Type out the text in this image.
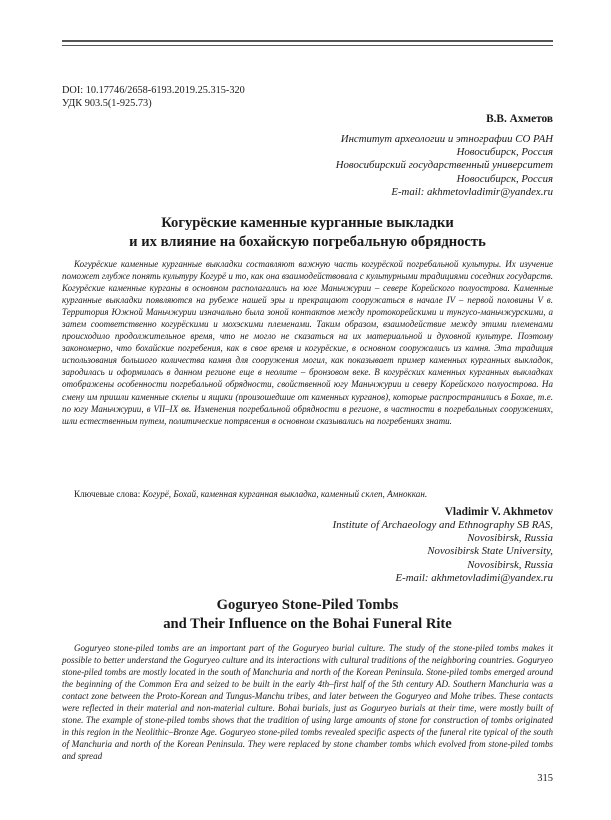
DOI: 10.17746/2658-6193.2019.25.315-320
УДК 903.5(1-925.73)
В.В. Ахметов
Институт археологии и этнографии СО РАН
Новосибирск, Россия
Новосибирский государственный университет
Новосибирск, Россия
E-mail: akhmetovladimir@yandex.ru
Когурёские каменные курганные выкладки
и их влияние на бохайскую погребальную обрядность

Когурёские каменные курганные выкладки составляют важную часть когурёской погребальной культуры. Их изучение поможет глубже понять культуру Когурё и то, как она взаимодействовала с культурными традициями соседних государств. Когурёские каменные курганы в основном располагались на юге Маньчжурии – севере Корейского полуострова. Каменные курганные выкладки появляются на рубеже нашей эры и прекращают сооружаться в начале IV – первой половины V в. Территория Южной Маньчжурии изначально была зоной контактов между протокорейскими и тунгусо-маньчжурскими, а затем соответственно когурёскими и мохэскими племенами. Таким образом, взаимодействие между этими племенами происходило продолжительное время, что не могло не сказаться на их материальной и духовной культуре. Поэтому закономерно, что бохайские погребения, как в свое время и когурёские, в основном сооружались из камня. Эта традиция использования большого количества камня для сооружения могил, как показывает пример каменных курганных выкладок, зародилась и оформилась в данном регионе еще в неолите – бронзовом веке. В когурёских каменных курганных выкладках отображены особенности погребальной обрядности, свойственной югу Маньчжурии и северу Корейского полуострова. На смену им пришли каменные склепы и ящики (произошедшие от каменных курганов), которые распространились в Бохае, т.е. по югу Маньчжурии, в VII–IX вв. Изменения погребальной обрядности в регионе, в частности в погребальных сооружениях, шли естественным путем, политические потрясения в основном сказывались на погребениях знати.

Ключевые слова: Когурё, Бохай, каменная курганная выкладка, каменный склеп, Амноккан.
Vladimir V. Akhmetov
Institute of Archaeology and Ethnography SB RAS,
Novosibirsk, Russia
Novosibirsk State University,
Novosibirsk, Russia
E-mail: akhmetovladimi@yandex.ru
Goguryeo Stone-Piled Tombs
and Their Influence on the Bohai Funeral Rite

Goguryeo stone-piled tombs are an important part of the Goguryeo burial culture. The study of the stone-piled tombs makes it possible to better understand the Goguryeo culture and its interactions with cultural traditions of the neighboring countries. Goguryeo stone-piled tombs are mostly located in the south of Manchuria and north of the Korean Peninsula. Stone-piled tombs emerged around the beginning of the Common Era and seized to be built in the early 4th–first half of the 5th century AD. Southern Manchuria was a contact zone between the Proto-Korean and Tungus-Manchu tribes, and later between the Goguryeo and Mohe tribes. These contacts were reflected in their material and non-material culture. Bohai burials, just as Goguryeo burials at their time, were mostly built of stone. The example of stone-piled tombs shows that the tradition of using large amounts of stone for construction of tombs originated in this region in the Neolithic–Bronze Age. Goguryeo stone-piled tombs revealed specific aspects of the funeral rite typical of the south of Manchuria and north of the Korean Peninsula. They were replaced by stone chamber tombs which evolved from stone-piled tombs and spread

315
